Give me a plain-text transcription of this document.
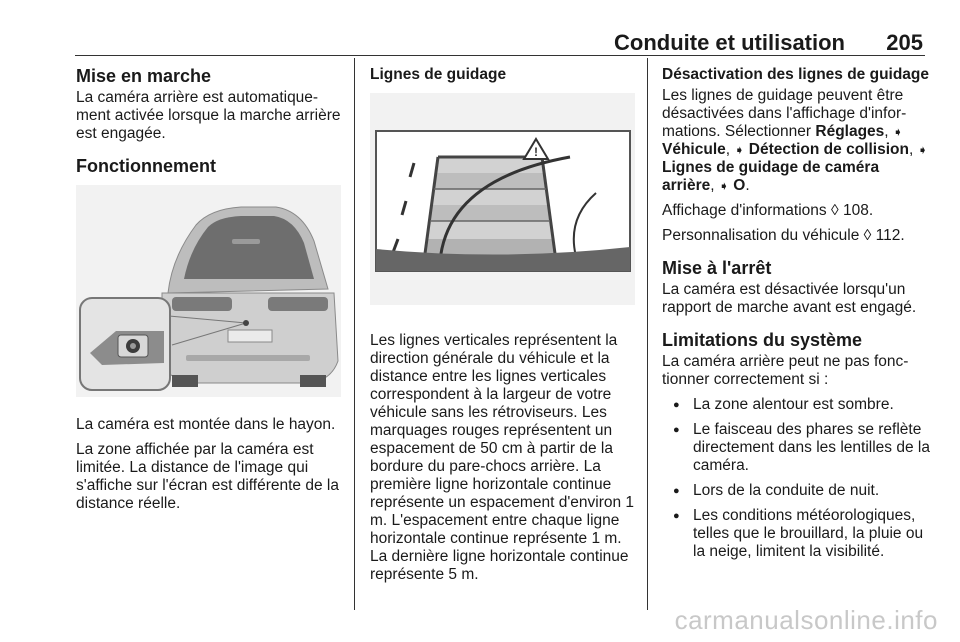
Conduite et utilisation 205
Mise en marche

La caméra arrière est automatique-ment activée lorsque la marche arrière est engagée.

Fonctionnement

La caméra est montée dans le hayon.

La zone affichée par la caméra est limitée. La distance de l'image qui s'affiche sur l'écran est différente de la distance réelle.

Lignes de guidage
!

Les lignes verticales représentent la direction générale du véhicule et la distance entre les lignes verticales correspondent à la largeur de votre véhicule sans les rétroviseurs. Les marquages rouges représentent un espacement de 50 cm à partir de la bordure du pare-chocs arrière. La première ligne horizontale continue représente un espacement d'environ 1 m. L'espacement entre chaque ligne horizontale continue représente 1 m. La dernière ligne horizontale continue représente 5 m.

Désactivation des lignes de guidage

Les lignes de guidage peuvent être désactivées dans l'affichage d'infor-mations. Sélectionner Réglages, ➧ Véhicule, ➧ Détection de collision, ➧ Lignes de guidage de caméra arrière, ➧ O.

Affichage d'informations ◊ 108.

Personnalisation du véhicule ◊ 112.

Mise à l'arrêt

La caméra est désactivée lorsqu'un rapport de marche avant est engagé.

Limitations du système

La caméra arrière peut ne pas fonc-tionner correctement si :

● La zone alentour est sombre.
● Le faisceau des phares se reflète directement dans les lentilles de la caméra.
● Lors de la conduite de nuit.
● Les conditions météorologiques, telles que le brouillard, la pluie ou la neige, limitent la visibilité.
carmanualsonline.info
